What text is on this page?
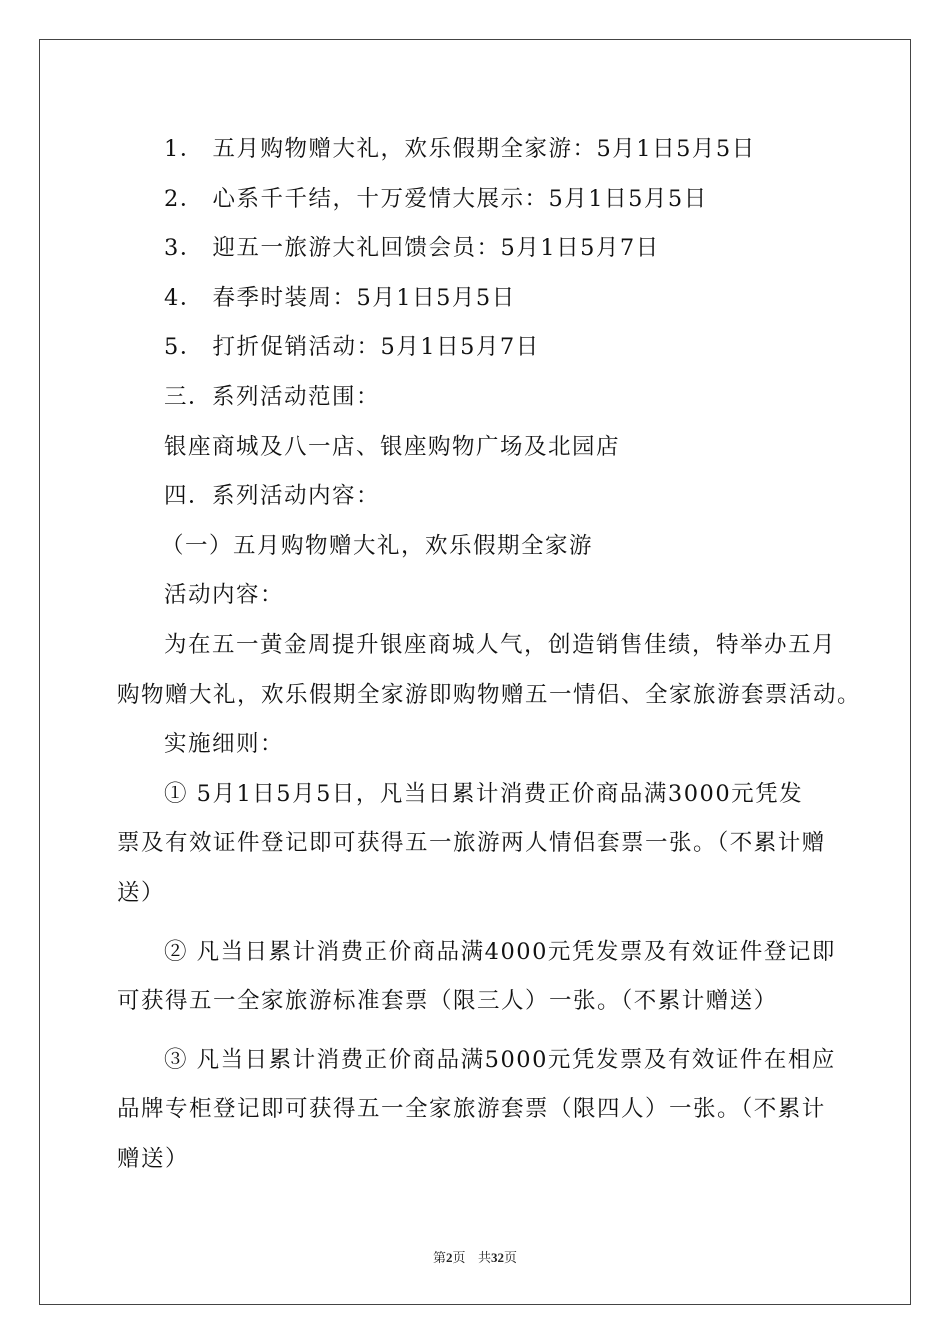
1． 五月购物赠大礼，欢乐假期全家游：5月1日5月5日
2． 心系千千结，十万爱情大展示：5月1日5月5日
3． 迎五一旅游大礼回馈会员：5月1日5月7日
4． 春季时装周：5月1日5月5日
5． 打折促销活动：5月1日5月7日
三．系列活动范围：
银座商城及八一店、银座购物广场及北园店
四．系列活动内容：
（一）五月购物赠大礼，欢乐假期全家游
活动内容：
为在五一黄金周提升银座商城人气，创造销售佳绩，特举办五月
购物赠大礼，欢乐假期全家游即购物赠五一情侣、全家旅游套票活动。
实施细则：
① 5月1日5月5日，凡当日累计消费正价商品满3000元凭发
票及有效证件登记即可获得五一旅游两人情侣套票一张。（不累计赠
送）
② 凡当日累计消费正价商品满4000元凭发票及有效证件登记即
可获得五一全家旅游标准套票（限三人）一张。（不累计赠送）
③ 凡当日累计消费正价商品满5000元凭发票及有效证件在相应
品牌专柜登记即可获得五一全家旅游套票（限四人）一张。（不累计
赠送）
第2页 共32页
